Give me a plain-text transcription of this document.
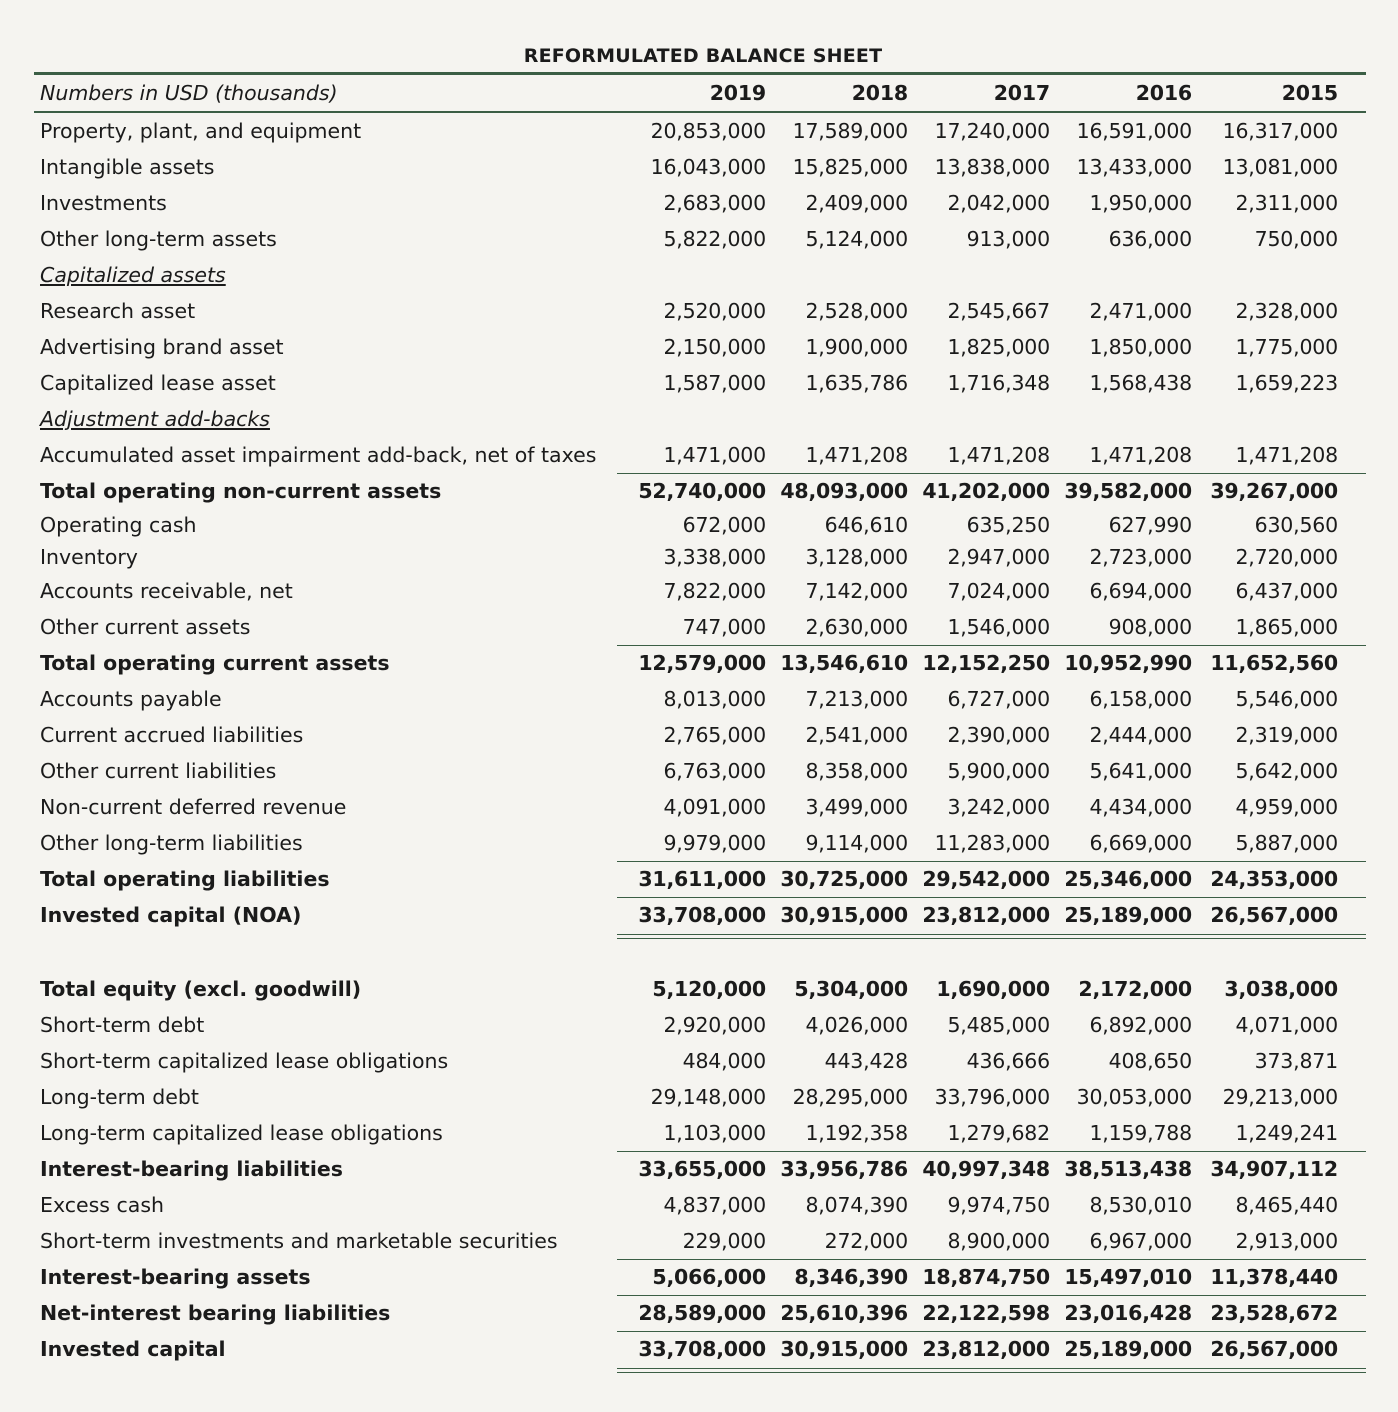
REFORMULATED BALANCE SHEET
Numbers in USD (thousands)	2019	2018	2017	2016	2015
Property, plant, and equipment	20,853,000	17,589,000	17,240,000	16,591,000	16,317,000
Intangible assets	16,043,000	15,825,000	13,838,000	13,433,000	13,081,000
Investments	2,683,000	2,409,000	2,042,000	1,950,000	2,311,000
Other long-term assets	5,822,000	5,124,000	913,000	636,000	750,000
Capitalized assets
Research asset	2,520,000	2,528,000	2,545,667	2,471,000	2,328,000
Advertising brand asset	2,150,000	1,900,000	1,825,000	1,850,000	1,775,000
Capitalized lease asset	1,587,000	1,635,786	1,716,348	1,568,438	1,659,223
Adjustment add-backs
Accumulated asset impairment add-back, net of taxes	1,471,000	1,471,208	1,471,208	1,471,208	1,471,208
Total operating non-current assets	52,740,000 48,093,000 41,202,000 39,582,000 39,267,000
Operating cash	672,000	646,610	635,250	627,990	630,560
Inventory	3,338,000	3,128,000	2,947,000	2,723,000	2,720,000
Accounts receivable, net	7,822,000	7,142,000	7,024,000	6,694,000	6,437,000
Other current assets	747,000	2,630,000	1,546,000	908,000	1,865,000
Total operating current assets	12,579,000 13,546,610 12,152,250 10,952,990 11,652,560
Accounts payable	8,013,000	7,213,000	6,727,000	6,158,000	5,546,000
Current accrued liabilities	2,765,000	2,541,000	2,390,000	2,444,000	2,319,000
Other current liabilities	6,763,000	8,358,000	5,900,000	5,641,000	5,642,000
Non-current deferred revenue	4,091,000	3,499,000	3,242,000	4,434,000	4,959,000
Other long-term liabilities	9,979,000	9,114,000	11,283,000	6,669,000	5,887,000
Total operating liabilities	31,611,000 30,725,000 29,542,000 25,346,000 24,353,000
Invested capital (NOA)	33,708,000 30,915,000 23,812,000 25,189,000 26,567,000
Total equity (excl. goodwill)	5,120,000	5,304,000	1,690,000	2,172,000	3,038,000
Short-term debt	2,920,000	4,026,000	5,485,000	6,892,000	4,071,000
Short-term capitalized lease obligations	484,000	443,428	436,666	408,650	373,871
Long-term debt	29,148,000	28,295,000	33,796,000	30,053,000	29,213,000
Long-term capitalized lease obligations	1,103,000	1,192,358	1,279,682	1,159,788	1,249,241
Interest-bearing liabilities	33,655,000 33,956,786 40,997,348 38,513,438 34,907,112
Excess cash	4,837,000	8,074,390	9,974,750	8,530,010	8,465,440
Short-term investments and marketable securities	229,000	272,000	8,900,000	6,967,000	2,913,000
Interest-bearing assets	5,066,000	8,346,390 18,874,750 15,497,010 11,378,440
Net-interest bearing liabilities	28,589,000 25,610,396 22,122,598 23,016,428 23,528,672
Invested capital	33,708,000 30,915,000 23,812,000 25,189,000 26,567,000
